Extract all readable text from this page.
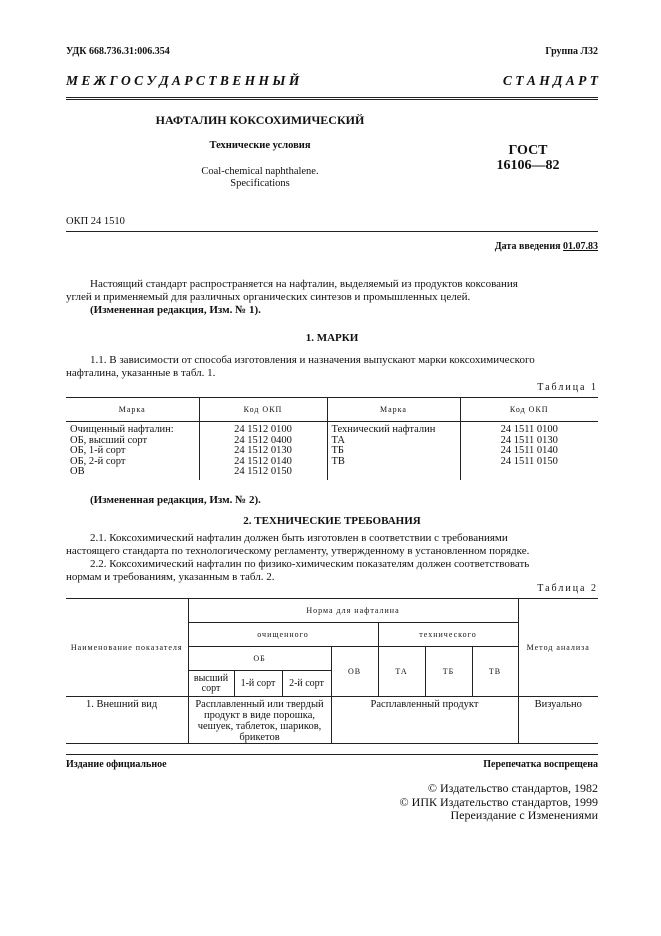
УДК 668.736.31:006.354	Группа Л32
М Е Ж Г О С У Д А Р С Т В Е Н Н Ы Й	С Т А Н Д А Р Т
НАФТАЛИН КОКСОХИМИЧЕСКИЙ
Технические условия
Coal-chemical naphthalene.
Specifications
ГОСТ
16106—82
ОКП 24 1510
Дата введения 01.07.83
Настоящий стандарт распространяется на нафталин, выделяемый из продуктов коксования
углей и применяемый для различных органических синтезов и промышленных целей.
(Измененная редакция, Изм. № 1).
1. МАРКИ
1.1. В зависимости от способа изготовления и назначения выпускают марки коксохимического
нафталина, указанные в табл. 1.
Таблица 1
Марка	Код ОКП	Марка	Код ОКП
Очищенный нафталин:	24 1512 0100	Технический нафталин	24 1511 0100
ОБ, высший сорт	24 1512 0400	ТА	24 1511 0130
ОБ, 1-й сорт	24 1512 0130	ТБ	24 1511 0140
ОБ, 2-й сорт	24 1512 0140	ТВ	24 1511 0150
ОВ	24 1512 0150		
(Измененная редакция, Изм. № 2).
2. ТЕХНИЧЕСКИЕ ТРЕБОВАНИЯ
2.1. Коксохимический нафталин должен быть изготовлен в соответствии с требованиями
настоящего стандарта по технологическому регламенту, утвержденному в установленном порядке.
2.2. Коксохимический нафталин по физико-химическим показателям должен соответствовать
нормам и требованиям, указанным в табл. 2.
Таблица 2
Наименование показателя	Норма для нафталина							Метод анализа
	очищенного				технического			
	ОБ			ОВ	ТА	ТБ	ТВ	
	высший сорт	1-й сорт	2-й сорт					
1. Внешний вид	Расплавленный или твердый продукт в виде порошка, чешуек, таблеток, шариков, брикетов			Расплавленный продукт				Визуально
Издание официальное	Перепечатка воспрещена
© Издательство стандартов, 1982
© ИПК Издательство стандартов, 1999
Переиздание с Изменениями
